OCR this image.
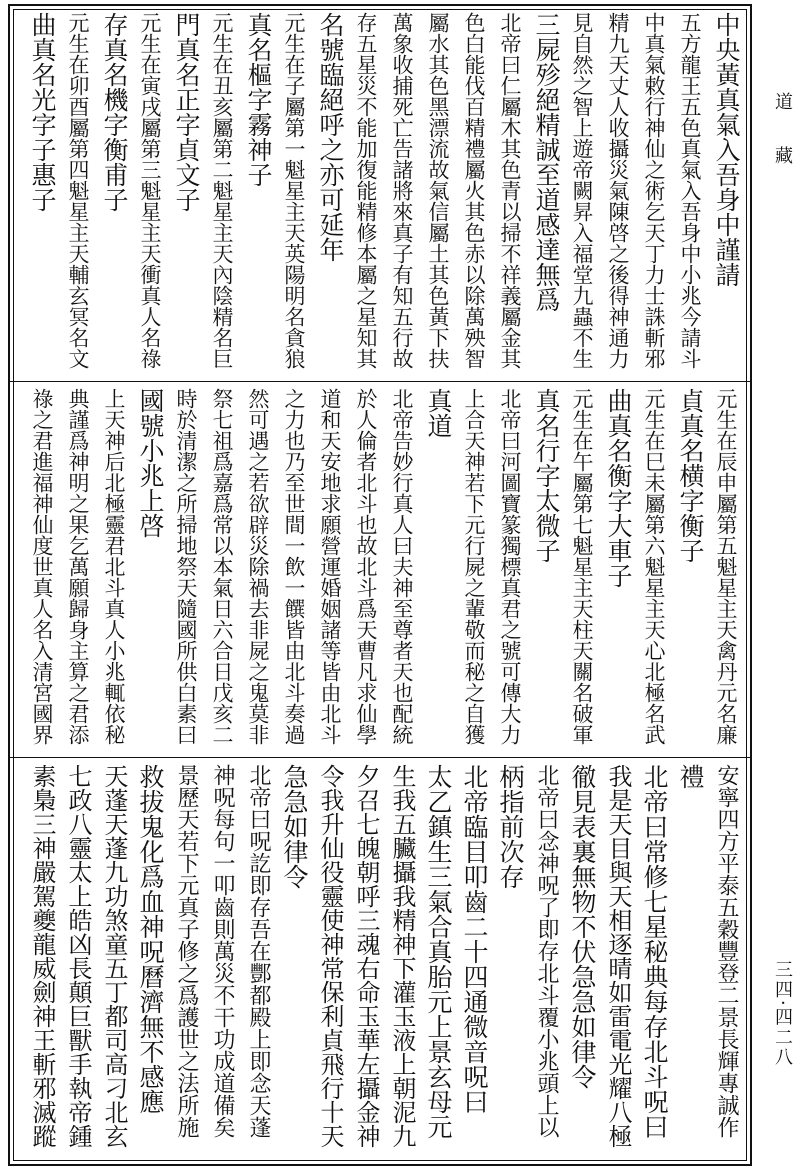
中央黃真氣入吾身中謹請
五方龍王五色真氣入吾身中小兆今請斗
中真氣敕行神仙之術乞天丁力士誅斬邪
精九天丈人收攝災氣陳啓之後得神通力
見自然之智上遊帝闕昇入福堂九蟲不生
三屍殄絕精誠至道感達無爲
北帝曰仁屬木其色青以掃不祥義屬金其
色白能伐百精禮屬火其色赤以除萬殃智
屬水其色黑漂流故氣信屬土其色黃下扶
萬象收捕死亡告諸將來真子有知五行故
存五星災不能加復能精修本屬之星知其
名號臨絕呼之亦可延年
元生在子屬第一魁星主天英陽明名貪狼
真名樞字霧神子
元生在丑亥屬第二魁星主天內陰精名巨
門真名正字貞文子
元生在寅戌屬第三魁星主天衝真人名祿
存真名機字衡甫子
元生在卯酉屬第四魁星主天輔玄冥名文
曲真名光字子惠子
元生在辰申屬第五魁星主天禽丹元名廉
貞真名横字衡子
元生在巳未屬第六魁星主天心北極名武
曲真名衡字大車子
元生在午屬第七魁星主天柱天關名破軍
真名行字太微子
北帝曰河圖寶篆獨標真君之號可傳大力
上合天神若下元行屍之輩敬而秘之自獲
真道
北帝告妙行真人曰夫神至尊者天也配統
於人倫者北斗也故北斗爲天曹凡求仙學
道和天安地求願營運婚姻諸等皆由北斗
之力也乃至世間一飲一饌皆由北斗奏過
然可遇之若欲辟災除禍去非屍之鬼莫非
祭七祖爲嘉爲常以本氣日六合日戊亥二
時於清潔之所掃地祭天隨國所供白素曰
國號小兆上啓
上天神后北極靈君北斗真人小兆輒依秘
典謹爲神明之果乞萬願歸身主算之君添
祿之君進福神仙度世真人名入清宮國界
安寧四方平泰五穀豐登二景長輝專誠作
禮
北帝曰常修七星秘典每存北斗呪曰
我是天目與天相逐晴如雷電光耀八極
徹見表裏無物不伏急急如律令
北帝曰念神呪了即存北斗覆小兆頭上以
柄指前次存
北帝臨目叩齒二十四通微音呪曰
太乙鎮生三氣合真胎元上景玄母元
生我五臟攝我精神下灌玉液上朝泥九
夕召七魄朝呼三魂右命玉華左攝金神
令我升仙役靈使神常保利貞飛行十天
急急如律令
北帝曰呪訖即存吾在酆都殿上即念天蓬
神呪每句一叩齒則萬災不干功成道備矣
景歷天若下元真子修之爲護世之法所施
救拔鬼化爲血神呪曆濟無不感應
天蓬天蓬九功煞童五丁都司高刁北玄
七政八靈太上皓凶長顛巨獸手執帝鍾
素梟三神嚴駕夔龍威劍神王斬邪滅蹤
道藏
三四·四二八
